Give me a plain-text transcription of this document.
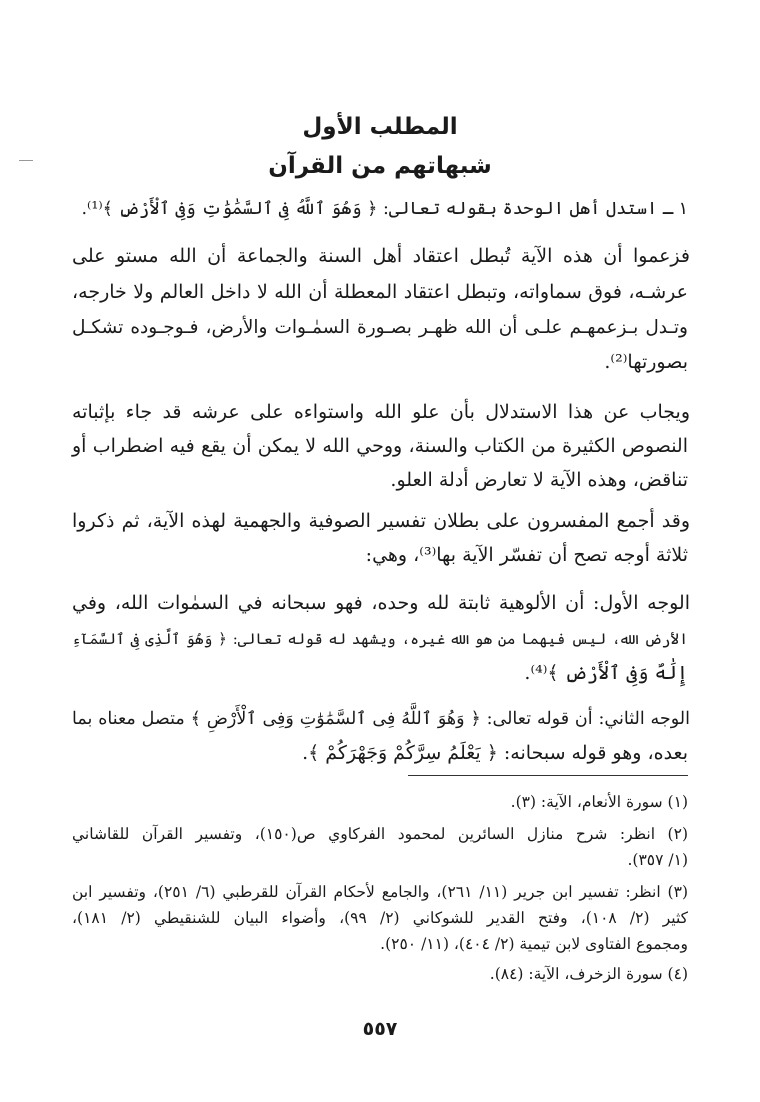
المطلب الأول
شبهاتهم من القرآن
١ ـ استدل أهل الوحدة بقوله تعالى: ﴿ وَهُوَ ٱللَّهُ فِى ٱلسَّمَٰوَٰتِ وَفِى ٱلْأَرْضِ ﴾⁽¹⁾.
فزعموا أن هذه الآية تُبطل اعتقاد أهل السنة والجماعة أن الله مستو على
عرشـه، فوق سماواته، وتبطل اعتقاد المعطلة أن الله لا داخل العالم ولا خارجه،
وتـدل بـزعمهـم علـى أن الله ظهـر بصـورة السمٰـوات والأرض، فـوجـوده تشكـل
بصورتها⁽²⁾.
ويجاب عن هذا الاستدلال بأن علو الله واستواءه على عرشه قد جاء بإثباته
النصوص الكثيرة من الكتاب والسنة، ووحي الله لا يمكن أن يقع فيه اضطراب أو
تناقض، وهذه الآية لا تعارض أدلة العلو.
وقد أجمع المفسرون على بطلان تفسير الصوفية والجهمية لهذه الآية، ثم ذكروا
ثلاثة أوجه تصح أن تفسّر الآية بها⁽³⁾، وهي:
الوجه الأول: أن الألوهية ثابتة لله وحده، فهو سبحانه في السمٰوات الله، وفي
الأرض الله، ليس فيهما من هو الله غيره، ويشهد له قوله تعالى: ﴿ وَهُوَ ٱلَّذِى فِى ٱلسَّمَآءِ
إِلَٰهٌ وَفِى ٱلْأَرْضِ ﴾⁽⁴⁾.
الوجه الثاني: أن قوله تعالى: ﴿ وَهُوَ ٱللَّهُ فِى ٱلسَّمَٰوَٰتِ وَفِى ٱلْأَرْضِ ﴾ متصل معناه بما
بعده، وهو قوله سبحانه: ﴿ يَعْلَمُ سِرَّكُمْ وَجَهْرَكُمْ ﴾.
(١) سورة الأنعام، الآية: (٣).
(٢) انظر: شرح منازل السائرين لمحمود الفركاوي ص(١٥٠)، وتفسير القرآن للقاشاني
(١/ ٣٥٧).
(٣) انظر: تفسير ابن جرير (١١/ ٢٦١)، والجامع لأحكام القرآن للقرطبي (٦/ ٢٥١)، وتفسير ابن
كثير (٢/ ١٠٨)، وفتح القدير للشوكاني (٢/ ٩٩)، وأضواء البيان للشنقيطي (٢/ ١٨١)،
ومجموع الفتاوى لابن تيمية (٢/ ٤٠٤)، (١١/ ٢٥٠).
(٤) سورة الزخرف، الآية: (٨٤).
٥٥٧
